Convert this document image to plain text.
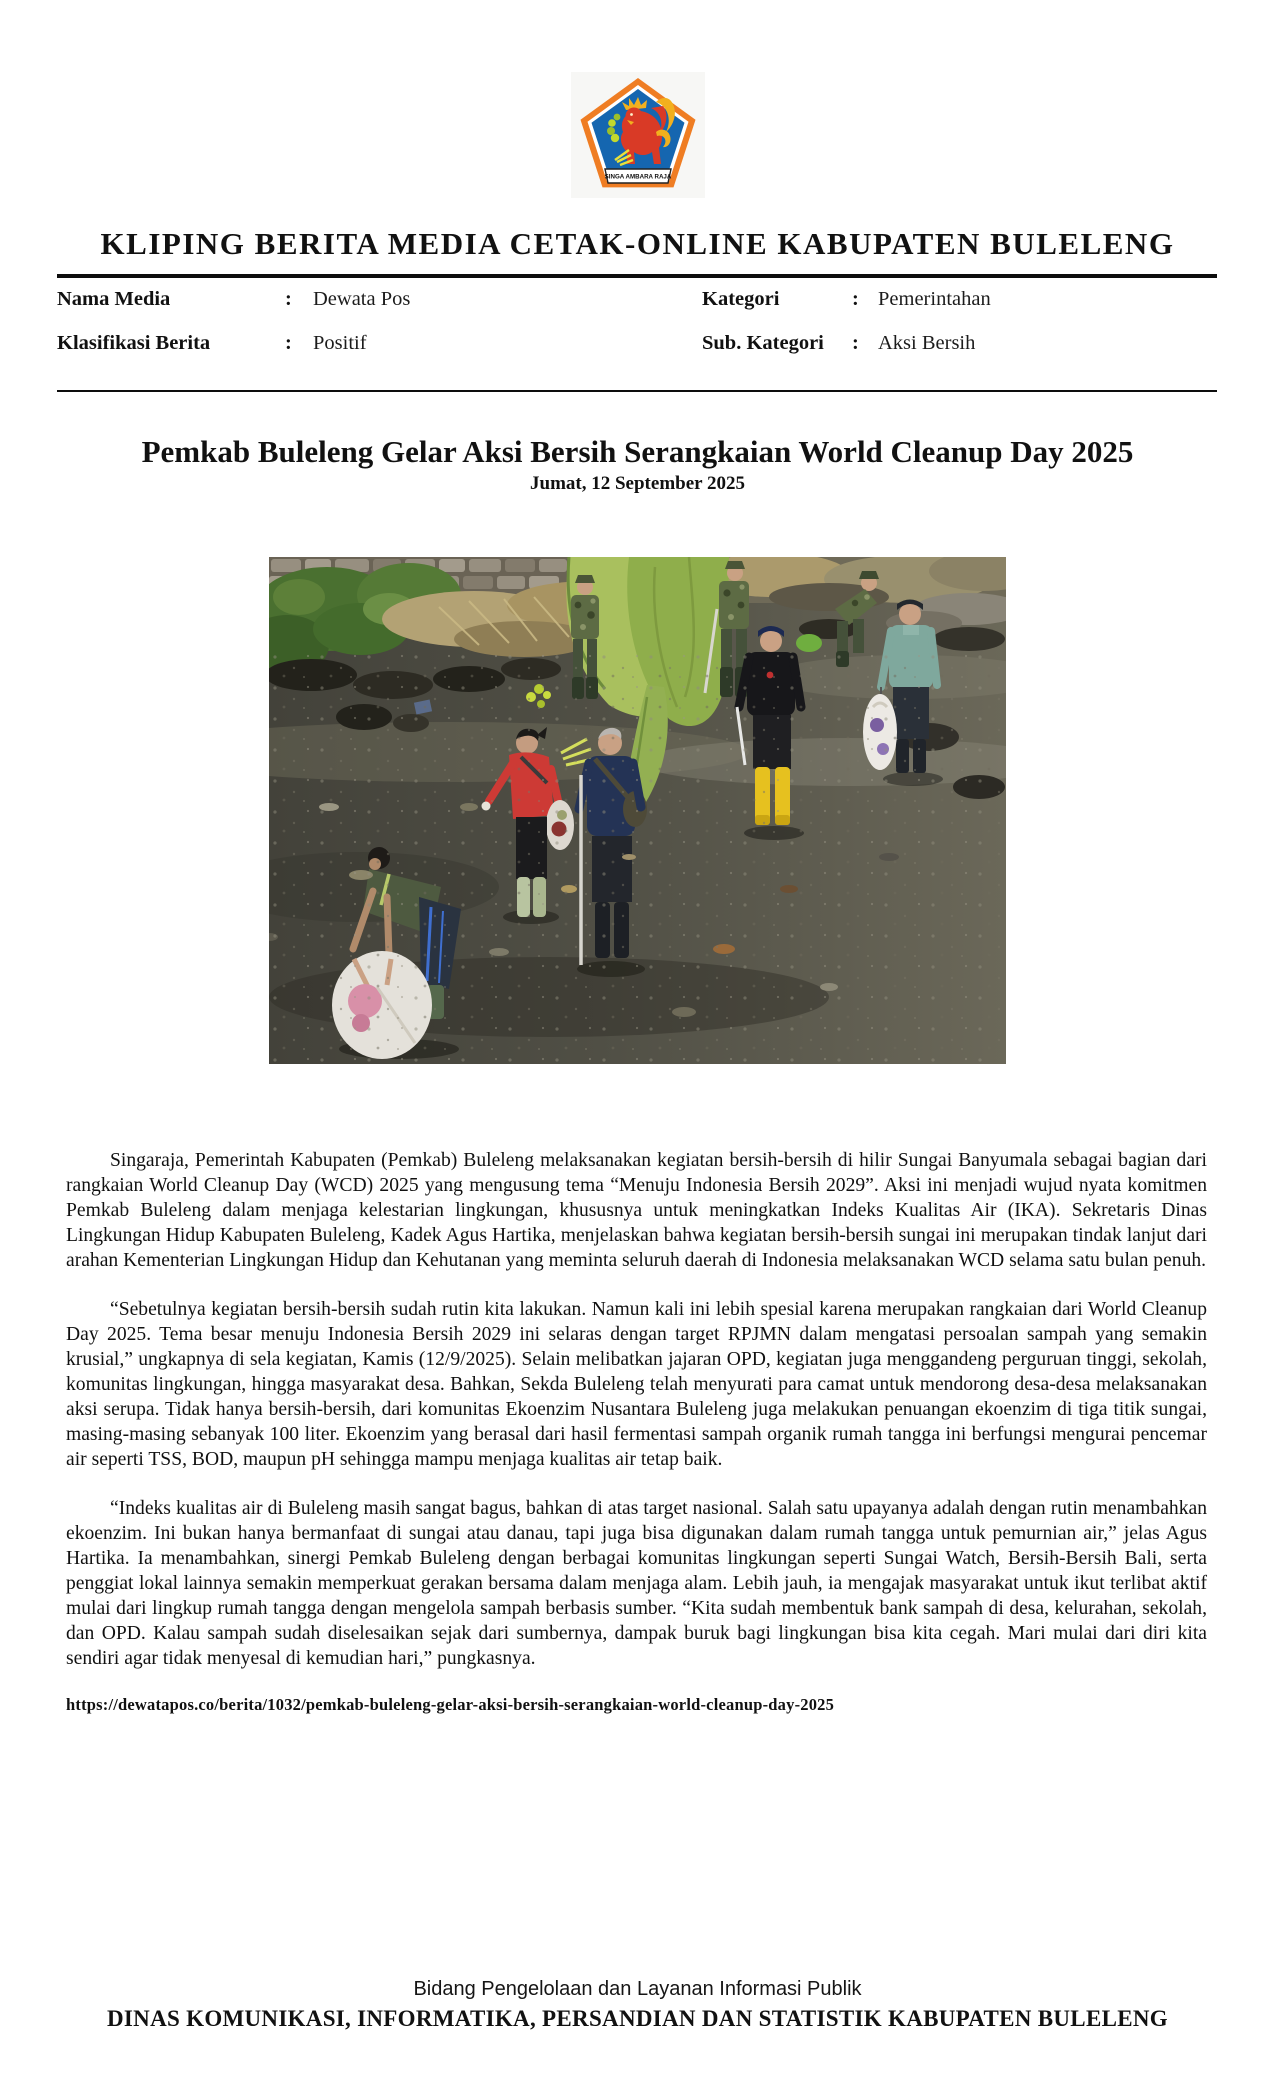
SINGA AMBARA RAJA
KLIPING BERITA MEDIA CETAK-ONLINE KABUPATEN BULELENG
Nama Media	:	Dewata Pos	Kategori	: Pemerintahan
Klasifikasi Berita	:	Positif	Sub. Kategori	: Aksi Bersih
Pemkab Buleleng Gelar Aksi Bersih Serangkaian World Cleanup Day 2025
Jumat, 12 September 2025

Singaraja, Pemerintah Kabupaten (Pemkab) Buleleng melaksanakan kegiatan bersih-bersih di hilir Sungai Banyumala sebagai bagian dari rangkaian World Cleanup Day (WCD) 2025 yang mengusung tema “Menuju Indonesia Bersih 2029”. Aksi ini menjadi wujud nyata komitmen Pemkab Buleleng dalam menjaga kelestarian lingkungan, khususnya untuk meningkatkan Indeks Kualitas Air (IKA). Sekretaris Dinas Lingkungan Hidup Kabupaten Buleleng, Kadek Agus Hartika, menjelaskan bahwa kegiatan bersih-bersih sungai ini merupakan tindak lanjut dari arahan Kementerian Lingkungan Hidup dan Kehutanan yang meminta seluruh daerah di Indonesia melaksanakan WCD selama satu bulan penuh.

“Sebetulnya kegiatan bersih-bersih sudah rutin kita lakukan. Namun kali ini lebih spesial karena merupakan rangkaian dari World Cleanup Day 2025. Tema besar menuju Indonesia Bersih 2029 ini selaras dengan target RPJMN dalam mengatasi persoalan sampah yang semakin krusial,” ungkapnya di sela kegiatan, Kamis (12/9/2025). Selain melibatkan jajaran OPD, kegiatan juga menggandeng perguruan tinggi, sekolah, komunitas lingkungan, hingga masyarakat desa. Bahkan, Sekda Buleleng telah menyurati para camat untuk mendorong desa-desa melaksanakan aksi serupa. Tidak hanya bersih-bersih, dari komunitas Ekoenzim Nusantara Buleleng juga melakukan penuangan ekoenzim di tiga titik sungai, masing-masing sebanyak 100 liter. Ekoenzim yang berasal dari hasil fermentasi sampah organik rumah tangga ini berfungsi mengurai pencemar air seperti TSS, BOD, maupun pH sehingga mampu menjaga kualitas air tetap baik.

“Indeks kualitas air di Buleleng masih sangat bagus, bahkan di atas target nasional. Salah satu upayanya adalah dengan rutin menambahkan ekoenzim. Ini bukan hanya bermanfaat di sungai atau danau, tapi juga bisa digunakan dalam rumah tangga untuk pemurnian air,” jelas Agus Hartika. Ia menambahkan, sinergi Pemkab Buleleng dengan berbagai komunitas lingkungan seperti Sungai Watch, Bersih-Bersih Bali, serta penggiat lokal lainnya semakin memperkuat gerakan bersama dalam menjaga alam. Lebih jauh, ia mengajak masyarakat untuk ikut terlibat aktif mulai dari lingkup rumah tangga dengan mengelola sampah berbasis sumber. “Kita sudah membentuk bank sampah di desa, kelurahan, sekolah, dan OPD. Kalau sampah sudah diselesaikan sejak dari sumbernya, dampak buruk bagi lingkungan bisa kita cegah. Mari mulai dari diri kita sendiri agar tidak menyesal di kemudian hari,” pungkasnya.

https://dewatapos.co/berita/1032/pemkab-buleleng-gelar-aksi-bersih-serangkaian-world-cleanup-day-2025
Bidang Pengelolaan dan Layanan Informasi Publik
DINAS KOMUNIKASI, INFORMATIKA, PERSANDIAN DAN STATISTIK KABUPATEN BULELENG
